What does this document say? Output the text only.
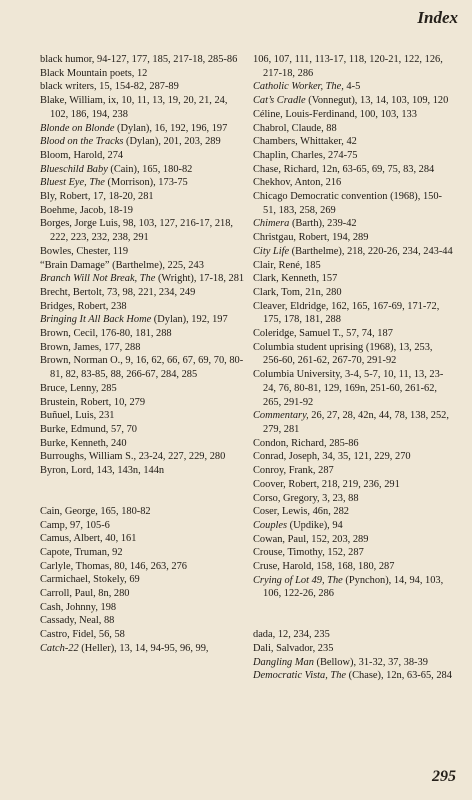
Index

black humor, 94-127, 177, 185, 217-18, 285-86

Black Mountain poets, 12

black writers, 15, 154-82, 287-89

Blake, William, ix, 10, 11, 13, 19, 20, 21, 24, 102, 186, 194, 238

Blonde on Blonde (Dylan), 16, 192, 196, 197

Blood on the Tracks (Dylan), 201, 203, 289

Bloom, Harold, 274

Blueschild Baby (Cain), 165, 180-82

Bluest Eye, The (Morrison), 173-75

Bly, Robert, 17, 18-20, 281

Boehme, Jacob, 18-19

Borges, Jorge Luis, 98, 103, 127, 216-17, 218, 222, 223, 232, 238, 291

Bowles, Chester, 119

“Brain Damage” (Barthelme), 225, 243

Branch Will Not Break, The (Wright), 17-18, 281

Brecht, Bertolt, 73, 98, 221, 234, 249

Bridges, Robert, 238

Bringing It All Back Home (Dylan), 192, 197

Brown, Cecil, 176-80, 181, 288

Brown, James, 177, 288

Brown, Norman O., 9, 16, 62, 66, 67, 69, 70, 80-81, 82, 83-85, 88, 266-67, 284, 285

Bruce, Lenny, 285

Brustein, Robert, 10, 279

Buñuel, Luis, 231

Burke, Edmund, 57, 70

Burke, Kenneth, 240

Burroughs, William S., 23-24, 227, 229, 280

Byron, Lord, 143, 143n, 144n

Cain, George, 165, 180-82

Camp, 97, 105-6

Camus, Albert, 40, 161

Capote, Truman, 92

Carlyle, Thomas, 80, 146, 263, 276

Carmichael, Stokely, 69

Carroll, Paul, 8n, 280

Cash, Johnny, 198

Cassady, Neal, 88

Castro, Fidel, 56, 58

Catch-22 (Heller), 13, 14, 94-95, 96, 99,

106, 107, 111, 113-17, 118, 120-21, 122, 126, 217-18, 286

Catholic Worker, The, 4-5

Cat’s Cradle (Vonnegut), 13, 14, 103, 109, 120

Céline, Louis-Ferdinand, 100, 103, 133

Chabrol, Claude, 88

Chambers, Whittaker, 42

Chaplin, Charles, 274-75

Chase, Richard, 12n, 63-65, 69, 75, 83, 284

Chekhov, Anton, 216

Chicago Democratic convention (1968), 150-51, 183, 258, 269

Chimera (Barth), 239-42

Christgau, Robert, 194, 289

City Life (Barthelme), 218, 220-26, 234, 243-44

Clair, René, 185

Clark, Kenneth, 157

Clark, Tom, 21n, 280

Cleaver, Eldridge, 162, 165, 167-69, 171-72, 175, 178, 181, 288

Coleridge, Samuel T., 57, 74, 187

Columbia student uprising (1968), 13, 253, 256-60, 261-62, 267-70, 291-92

Columbia University, 3-4, 5-7, 10, 11, 13, 23-24, 76, 80-81, 129, 169n, 251-60, 261-62, 265, 291-92

Commentary, 26, 27, 28, 42n, 44, 78, 138, 252, 279, 281

Condon, Richard, 285-86

Conrad, Joseph, 34, 35, 121, 229, 270

Conroy, Frank, 287

Coover, Robert, 218, 219, 236, 291

Corso, Gregory, 3, 23, 88

Coser, Lewis, 46n, 282

Couples (Updike), 94

Cowan, Paul, 152, 203, 289

Crouse, Timothy, 152, 287

Cruse, Harold, 158, 168, 180, 287

Crying of Lot 49, The (Pynchon), 14, 94, 103, 106, 122-26, 286

dada, 12, 234, 235

Dali, Salvador, 235

Dangling Man (Bellow), 31-32, 37, 38-39

Democratic Vista, The (Chase), 12n, 63-65, 284

295
